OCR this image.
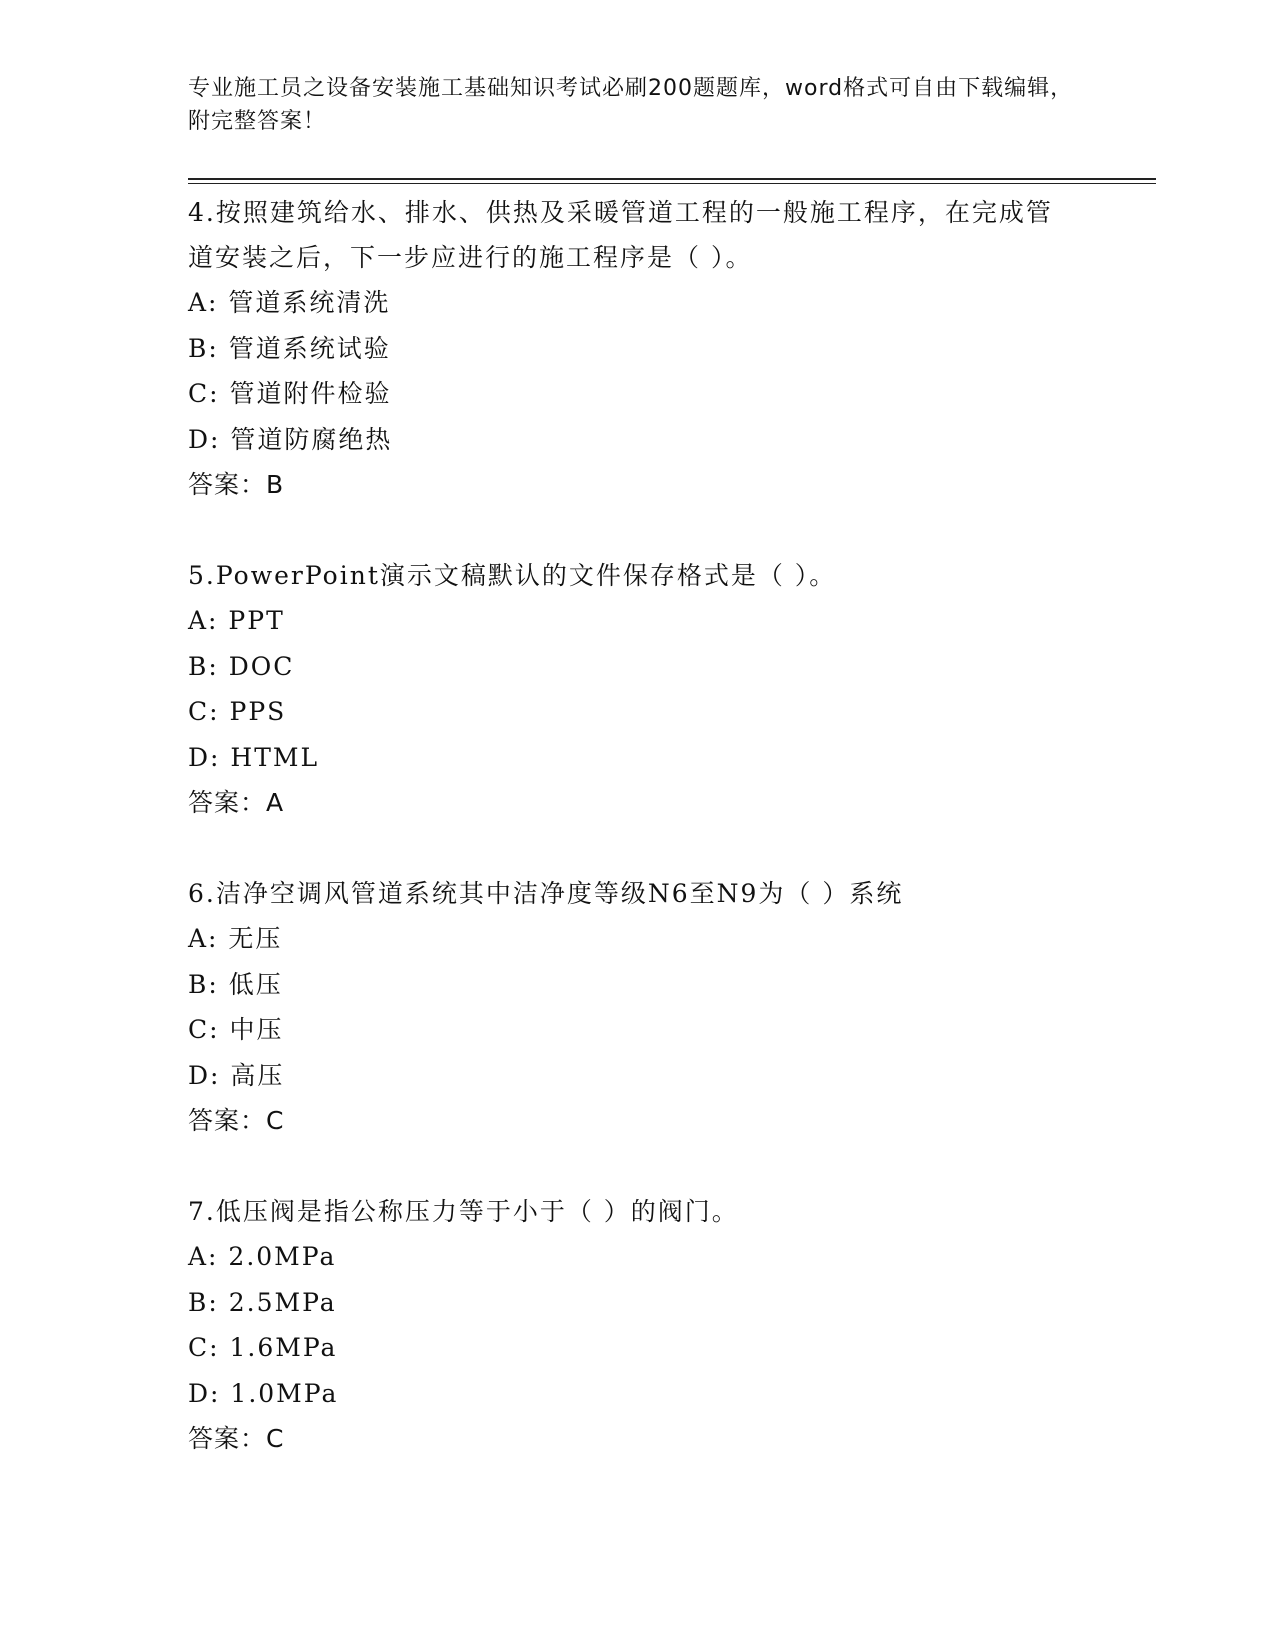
专业施工员之设备安装施工基础知识考试必刷200题题库，word格式可自由下载编辑，附完整答案！
4.按照建筑给水、排水、供热及采暖管道工程的一般施工程序，在完成管道安装之后，下一步应进行的施工程序是（ ）。
A: 管道系统清洗
B: 管道系统试验
C: 管道附件检验
D: 管道防腐绝热
答案：B
5.PowerPoint演示文稿默认的文件保存格式是（ ）。
A: PPT
B: DOC
C: PPS
D: HTML
答案：A
6.洁净空调风管道系统其中洁净度等级N6至N9为（ ）系统
A: 无压
B: 低压
C: 中压
D: 高压
答案：C
7.低压阀是指公称压力等于小于（ ）的阀门。
A: 2.0MPa
B: 2.5MPa
C: 1.6MPa
D: 1.0MPa
答案：C
